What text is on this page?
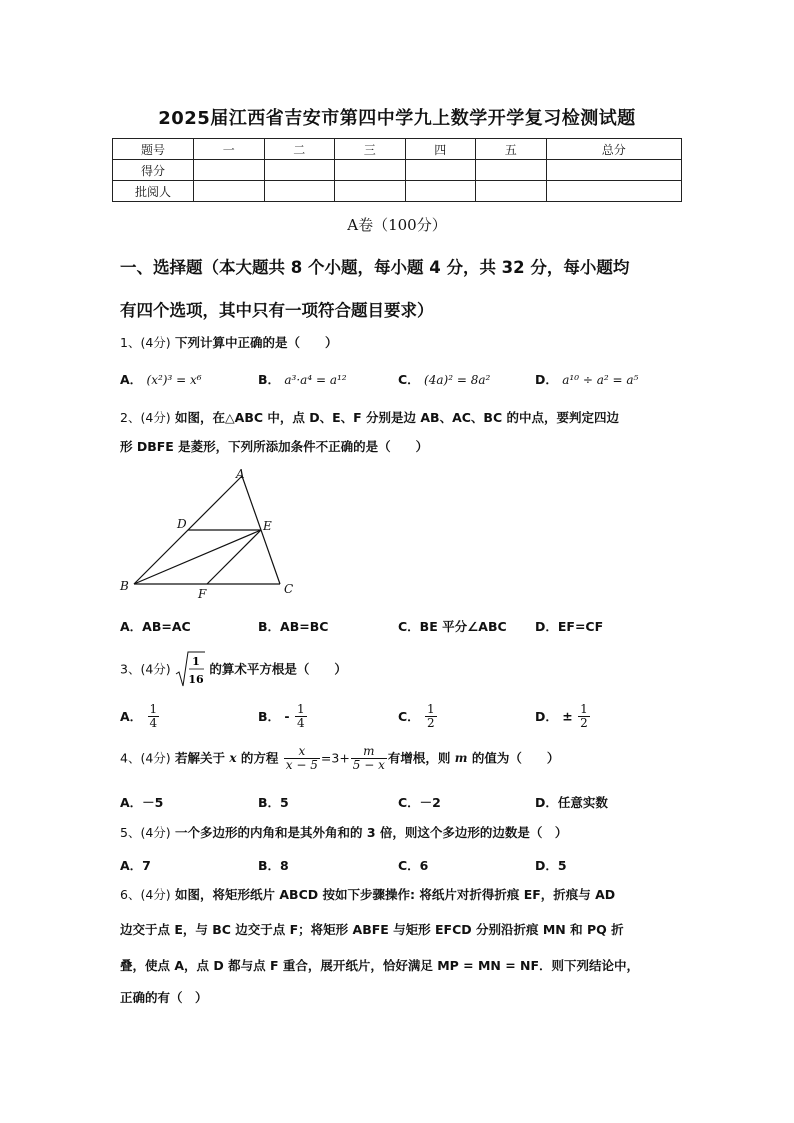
2025届江西省吉安市第四中学九上数学开学复习检测试题
题号	一	二	三	四	五	总分
得分						
批阅人						
A卷（100分）
一、选择题（本大题共 8 个小题，每小题 4 分，共 32 分，每小题均
有四个选项，其中只有一项符合题目要求）
1、(4分) 下列计算中正确的是（　　）
A． (x²)³ = x⁶	B． a³·a⁴ = a¹²	C． (4a)² = 8a²	D． a¹⁰ ÷ a² = a⁵
2、(4分) 如图，在△ABC 中，点 D、E、F 分别是边 AB、AC、BC 的中点，要判定四边
形 DBFE 是菱形，下列所添加条件不正确的是（　　）
A
D	E
B	C
F
A．AB=AC	B．AB=BC	C．BE 平分∠ABC D．EF=CF
3、(4分) 1
16
的算术平方根是（　　）
A． $\frac{1}{4}$	B． - $\frac{1}{4}$	C． $\frac{1}{2}$	D． ± $\frac{1}{2}$
4、(4分) 若解关于 x 的方程 $\frac{x}{x - 5} =3+ \frac{m}{5 - x}$ 有增根，则 m 的值为（　　）
A．－5	B．5	C．－2	D．任意实数
5、(4分) 一个多边形的内角和是其外角和的 3 倍，则这个多边形的边数是（　）
A．7	B．8	C．6	D．5
6、(4分) 如图，将矩形纸片 ABCD 按如下步骤操作: 将纸片对折得折痕 EF，折痕与 AD
边交于点 E，与 BC 边交于点 F；将矩形 ABFE 与矩形 EFCD 分别沿折痕 MN 和 PQ 折
叠，使点 A，点 D 都与点 F 重合，展开纸片，恰好满足 MP = MN = NF．则下列结论中，
正确的有（　）
